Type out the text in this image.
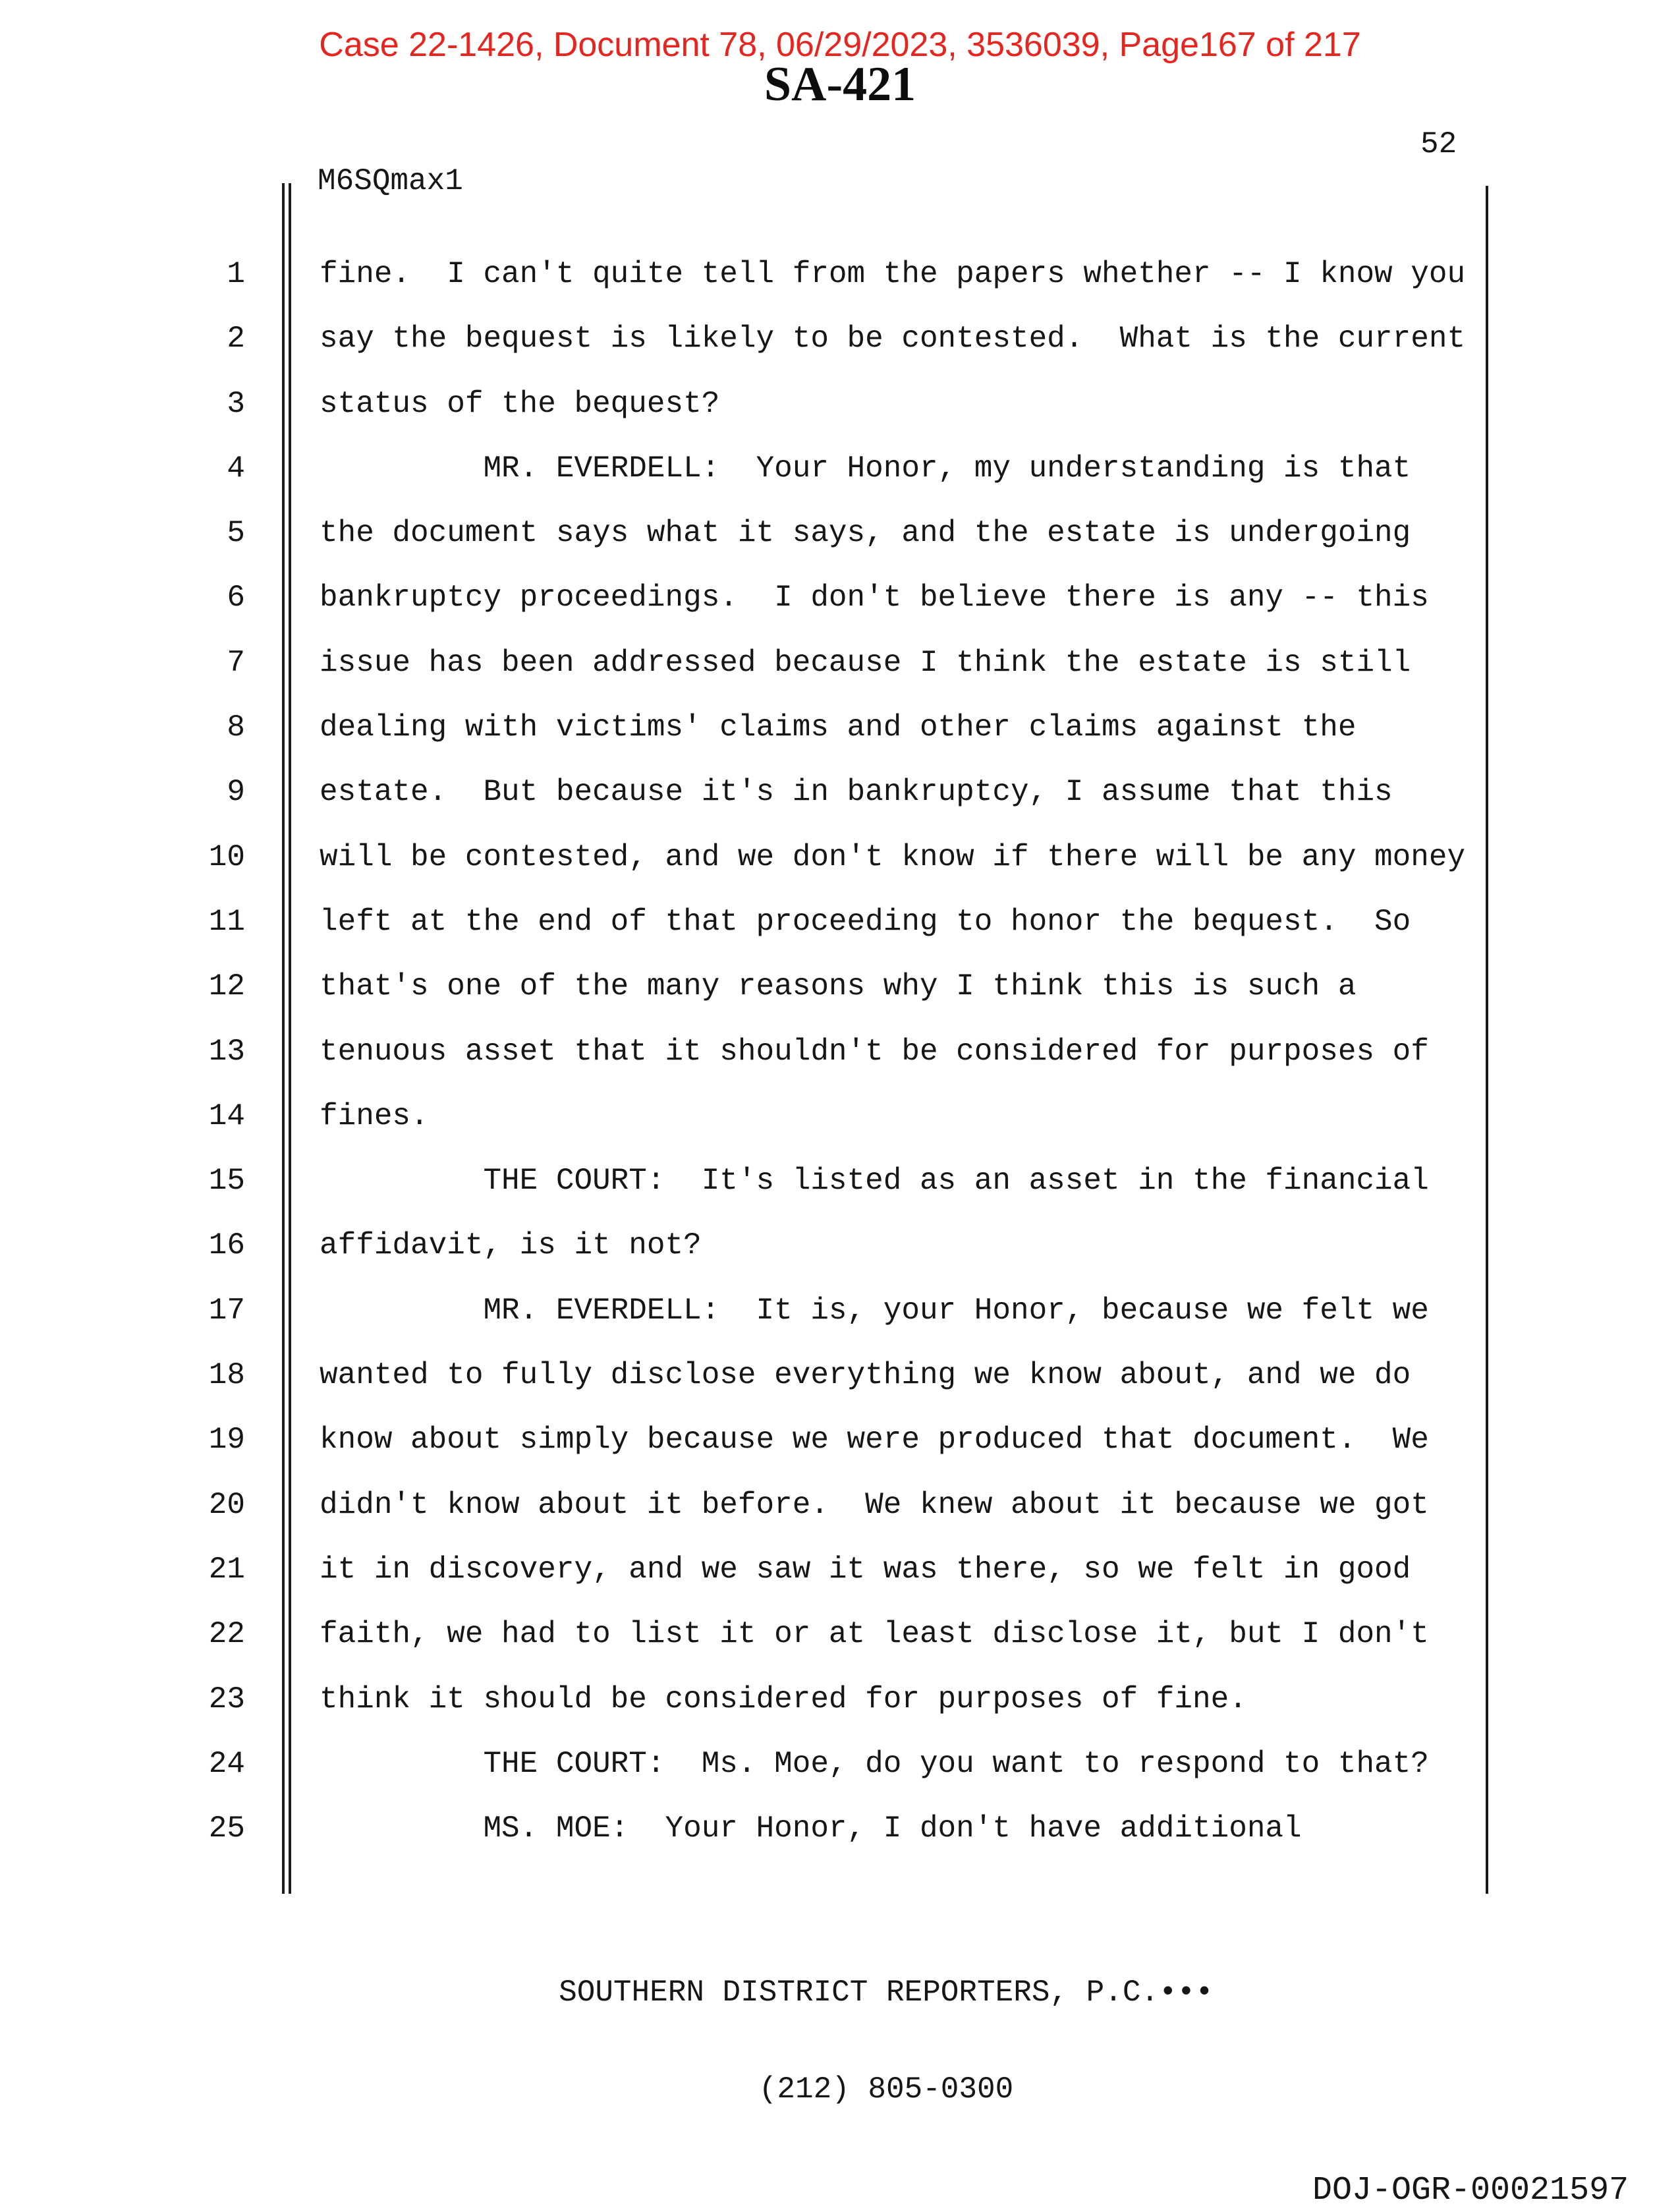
Case 22-1426, Document 78, 06/29/2023, 3536039, Page167 of 217
SA-421
52
M6SQmax1
1 fine.  I can't quite tell from the papers whether -- I know you
2 say the bequest is likely to be contested.  What is the current
3 status of the bequest?
4 MR. EVERDELL:  Your Honor, my understanding is that
5 the document says what it says, and the estate is undergoing
6 bankruptcy proceedings.  I don't believe there is any -- this
7 issue has been addressed because I think the estate is still
8 dealing with victims' claims and other claims against the
9 estate.  But because it's in bankruptcy, I assume that this
10 will be contested, and we don't know if there will be any money
11 left at the end of that proceeding to honor the bequest.  So
12 that's one of the many reasons why I think this is such a
13 tenuous asset that it shouldn't be considered for purposes of
14 fines.
15 THE COURT:  It's listed as an asset in the financial
16 affidavit, is it not?
17 MR. EVERDELL:  It is, your Honor, because we felt we
18 wanted to fully disclose everything we know about, and we do
19 know about simply because we were produced that document.  We
20 didn't know about it before.  We knew about it because we got
21 it in discovery, and we saw it was there, so we felt in good
22 faith, we had to list it or at least disclose it, but I don't
23 think it should be considered for purposes of fine.
24 THE COURT:  Ms. Moe, do you want to respond to that?
25 MS. MOE:  Your Honor, I don't have additional

SOUTHERN DISTRICT REPORTERS, P.C.•••

(212) 805-0300

DOJ-OGR-00021597
